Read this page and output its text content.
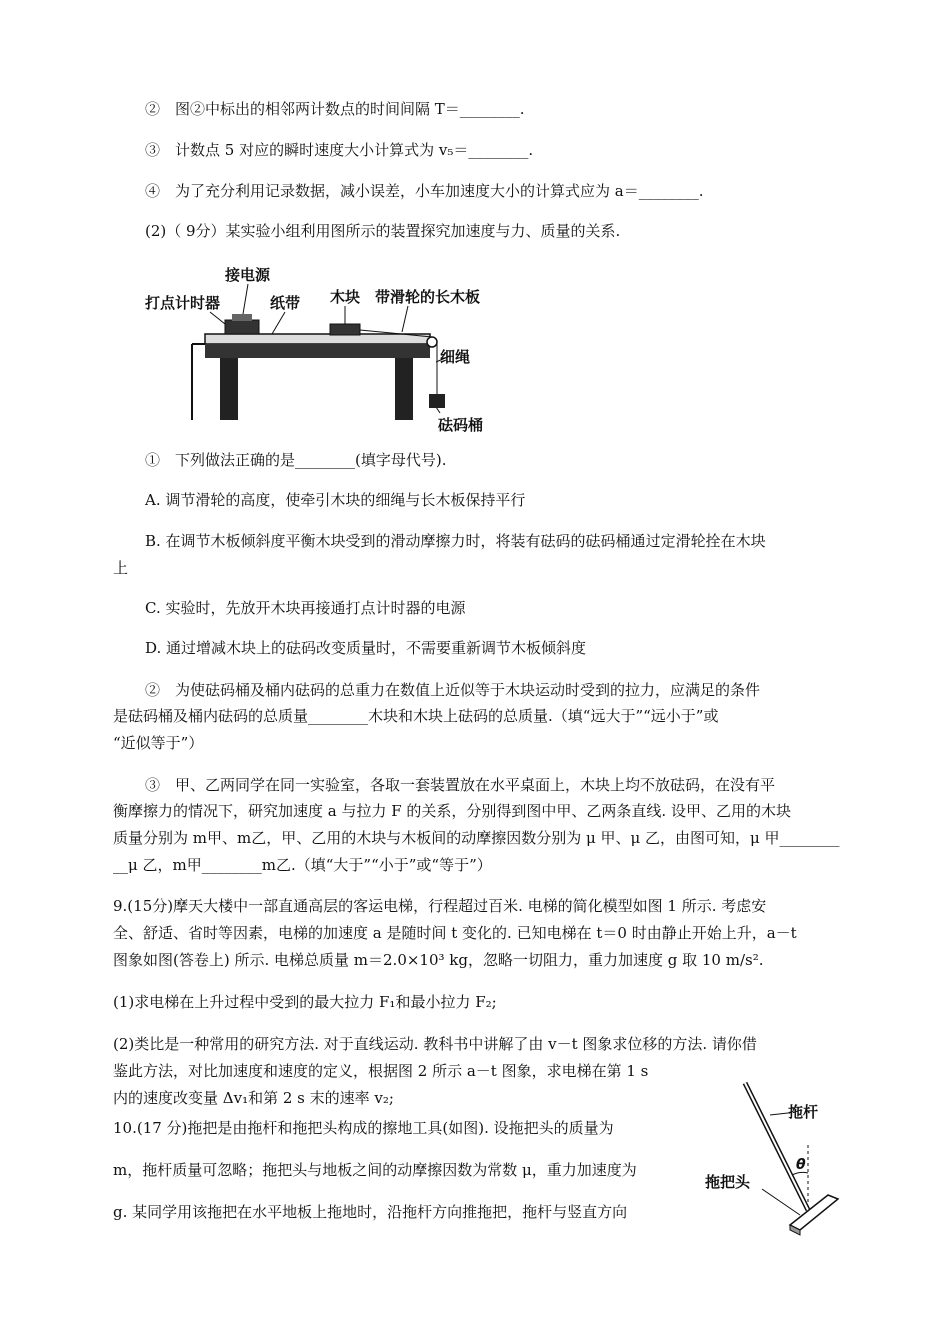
②　图②中标出的相邻两计数点的时间间隔 T＝________.
③　计数点 5 对应的瞬时速度大小计算式为 v₅＝________.
④　为了充分利用记录数据，减小误差，小车加速度大小的计算式应为 a＝________.
(2)（ 9分）某实验小组利用图所示的装置探究加速度与力、质量的关系.
接电源
打点计时器	纸带 木块 带滑轮的长木板
细绳
砝码桶
①　下列做法正确的是________(填字母代号).
A. 调节滑轮的高度，使牵引木块的细绳与长木板保持平行
B. 在调节木板倾斜度平衡木块受到的滑动摩擦力时，将装有砝码的砝码桶通过定滑轮拴在木块
上
C. 实验时，先放开木块再接通打点计时器的电源
D. 通过增减木块上的砝码改变质量时，不需要重新调节木板倾斜度
②　为使砝码桶及桶内砝码的总重力在数值上近似等于木块运动时受到的拉力，应满足的条件
是砝码桶及桶内砝码的总质量________木块和木块上砝码的总质量.（填“远大于”“远小于”或
“近似等于”）
③　甲、乙两同学在同一实验室，各取一套装置放在水平桌面上，木块上均不放砝码，在没有平
衡摩擦力的情况下，研究加速度 a 与拉力 F 的关系，分别得到图中甲、乙两条直线. 设甲、乙用的木块
质量分别为 m甲、m乙，甲、乙用的木块与木板间的动摩擦因数分别为 μ 甲、μ 乙，由图可知，μ 甲________
__μ 乙，m甲________m乙.（填“大于”“小于”或“等于”）
9.(15分)摩天大楼中一部直通高层的客运电梯，行程超过百米. 电梯的简化模型如图 1 所示. 考虑安
全、舒适、省时等因素，电梯的加速度 a 是随时间 t 变化的. 已知电梯在 t＝0 时由静止开始上升，a－t
图象如图(答卷上) 所示. 电梯总质量 m＝2.0×10³ kg，忽略一切阻力，重力加速度 g 取 10 m/s².
(1)求电梯在上升过程中受到的最大拉力 F₁和最小拉力 F₂;
(2)类比是一种常用的研究方法. 对于直线运动. 教科书中讲解了由 v－t 图象求位移的方法. 请你借
鉴此方法，对比加速度和速度的定义，根据图 2 所示 a－t 图象，求电梯在第 1 s
内的速度改变量 Δv₁和第 2 s 末的速率 v₂;
10.(17 分)拖把是由拖杆和拖把头构成的擦地工具(如图). 设拖把头的质量为
m，拖杆质量可忽略；拖把头与地板之间的动摩擦因数为常数 μ，重力加速度为
g. 某同学用该拖把在水平地板上拖地时，沿拖杆方向推拖把，拖杆与竖直方向
拖杆
拖把头
θ
